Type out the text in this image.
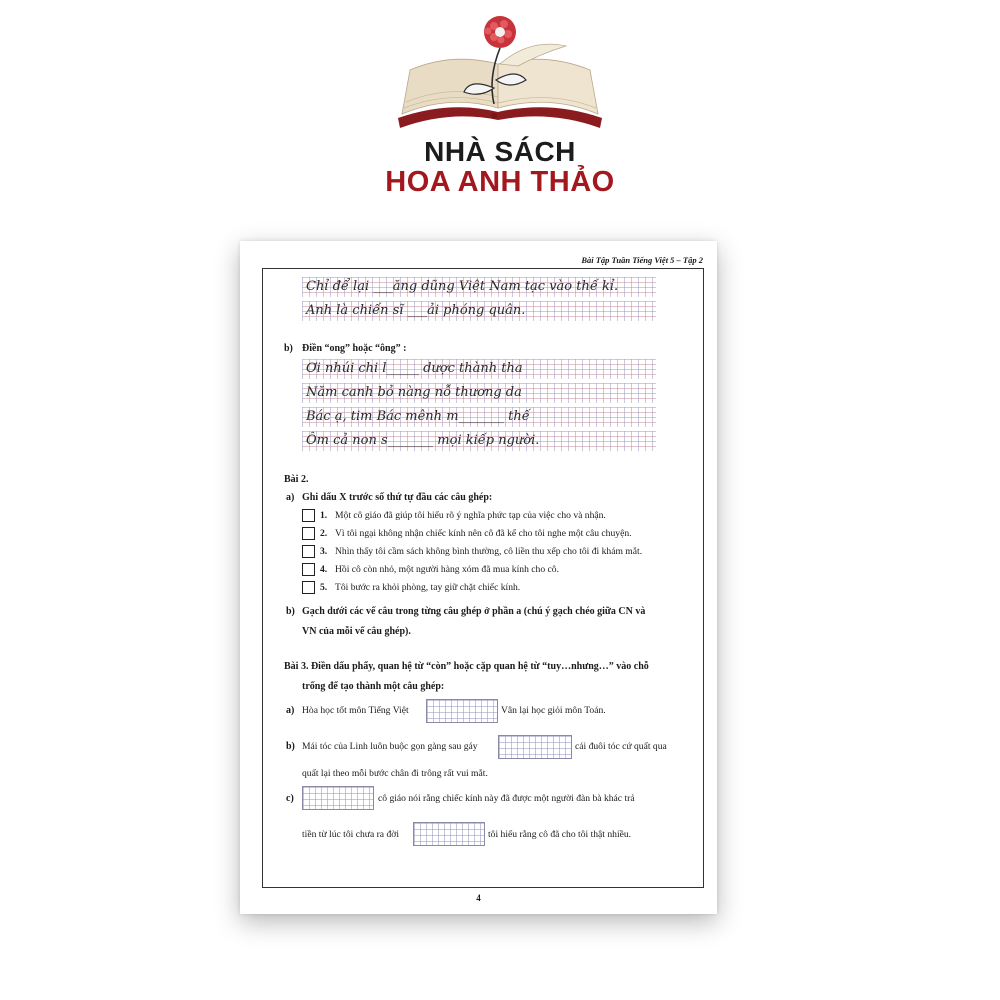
NHÀ SÁCH
HOA ANH THẢO
Bài Tập Tuần Tiếng Việt 5 – Tập 2
Chỉ để lại ___ăng dũng Việt Nam tạc vào thế kỉ.
Anh là chiến sĩ ___ải phóng quân.
b) Điền “ong” hoặc “ông” :
Ơi nhúi chi l_____ dược thành tha
Năm canh bỏ nàng nỗ thương da
Bác ạ, tim Bác mênh m_______ thế
Ôm cả non s_______ mọi kiếp người.
Bài 2.
a) Ghi dấu X trước số thứ tự đầu các câu ghép:
1. Một cô giáo đã giúp tôi hiểu rõ ý nghĩa phức tạp của việc cho và nhận.
2. Vì tôi ngại không nhận chiếc kính nên cô đã kể cho tôi nghe một câu chuyện.
3. Nhìn thấy tôi cầm sách không bình thường, cô liền thu xếp cho tôi đi khám mắt.
4. Hồi cô còn nhỏ, một người hàng xóm đã mua kính cho cô.
5. Tôi bước ra khỏi phòng, tay giữ chặt chiếc kính.
b) Gạch dưới các vế câu trong từng câu ghép ở phần a (chú ý gạch chéo giữa CN và
VN của mỗi vế câu ghép).
Bài 3. Điền dấu phẩy, quan hệ từ “còn” hoặc cặp quan hệ từ “tuy…nhưng…” vào chỗ
trống để tạo thành một câu ghép:
a) Hòa học tốt môn Tiếng Việt	Vân lại học giỏi môn Toán.
b) Mái tóc của Linh luôn buộc gọn gàng sau gáy	cái đuôi tóc cứ quất qua
quất lại theo mỗi bước chân đi trông rất vui mắt.
c)	cô giáo nói rằng chiếc kính này đã được một người đàn bà khác trả
tiền từ lúc tôi chưa ra đời	tôi hiểu rằng cô đã cho tôi thật nhiều.
4
